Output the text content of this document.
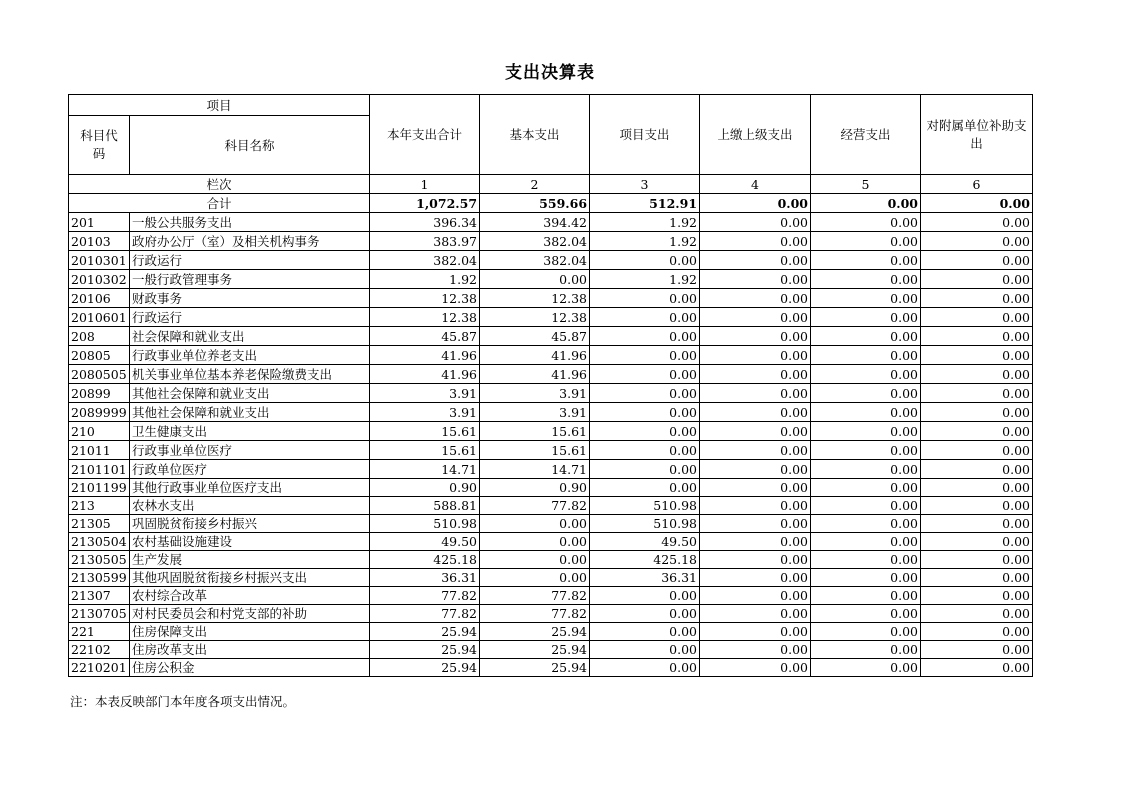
支出决算表
项目		本年支出合计	基本支出	项目支出	上缴上级支出	经营支出	对附属单位补助支出
科目代码	科目名称						
栏次		1	2	3	4	5	6
合计		1,072.57	559.66	512.91	0.00	0.00	0.00
201	一般公共服务支出	396.34	394.42	1.92	0.00	0.00	0.00
20103	政府办公厅（室）及相关机构事务	383.97	382.04	1.92	0.00	0.00	0.00
2010301	行政运行	382.04	382.04	0.00	0.00	0.00	0.00
2010302	一般行政管理事务	1.92	0.00	1.92	0.00	0.00	0.00
20106	财政事务	12.38	12.38	0.00	0.00	0.00	0.00
2010601	行政运行	12.38	12.38	0.00	0.00	0.00	0.00
208	社会保障和就业支出	45.87	45.87	0.00	0.00	0.00	0.00
20805	行政事业单位养老支出	41.96	41.96	0.00	0.00	0.00	0.00
2080505	机关事业单位基本养老保险缴费支出	41.96	41.96	0.00	0.00	0.00	0.00
20899	其他社会保障和就业支出	3.91	3.91	0.00	0.00	0.00	0.00
2089999	其他社会保障和就业支出	3.91	3.91	0.00	0.00	0.00	0.00
210	卫生健康支出	15.61	15.61	0.00	0.00	0.00	0.00
21011	行政事业单位医疗	15.61	15.61	0.00	0.00	0.00	0.00
2101101	行政单位医疗	14.71	14.71	0.00	0.00	0.00	0.00
2101199	其他行政事业单位医疗支出	0.90	0.90	0.00	0.00	0.00	0.00
213	农林水支出	588.81	77.82	510.98	0.00	0.00	0.00
21305	巩固脱贫衔接乡村振兴	510.98	0.00	510.98	0.00	0.00	0.00
2130504	农村基础设施建设	49.50	0.00	49.50	0.00	0.00	0.00
2130505	生产发展	425.18	0.00	425.18	0.00	0.00	0.00
2130599	其他巩固脱贫衔接乡村振兴支出	36.31	0.00	36.31	0.00	0.00	0.00
21307	农村综合改革	77.82	77.82	0.00	0.00	0.00	0.00
2130705	对村民委员会和村党支部的补助	77.82	77.82	0.00	0.00	0.00	0.00
221	住房保障支出	25.94	25.94	0.00	0.00	0.00	0.00
22102	住房改革支出	25.94	25.94	0.00	0.00	0.00	0.00
2210201	住房公积金	25.94	25.94	0.00	0.00	0.00	0.00
注：本表反映部门本年度各项支出情况。
